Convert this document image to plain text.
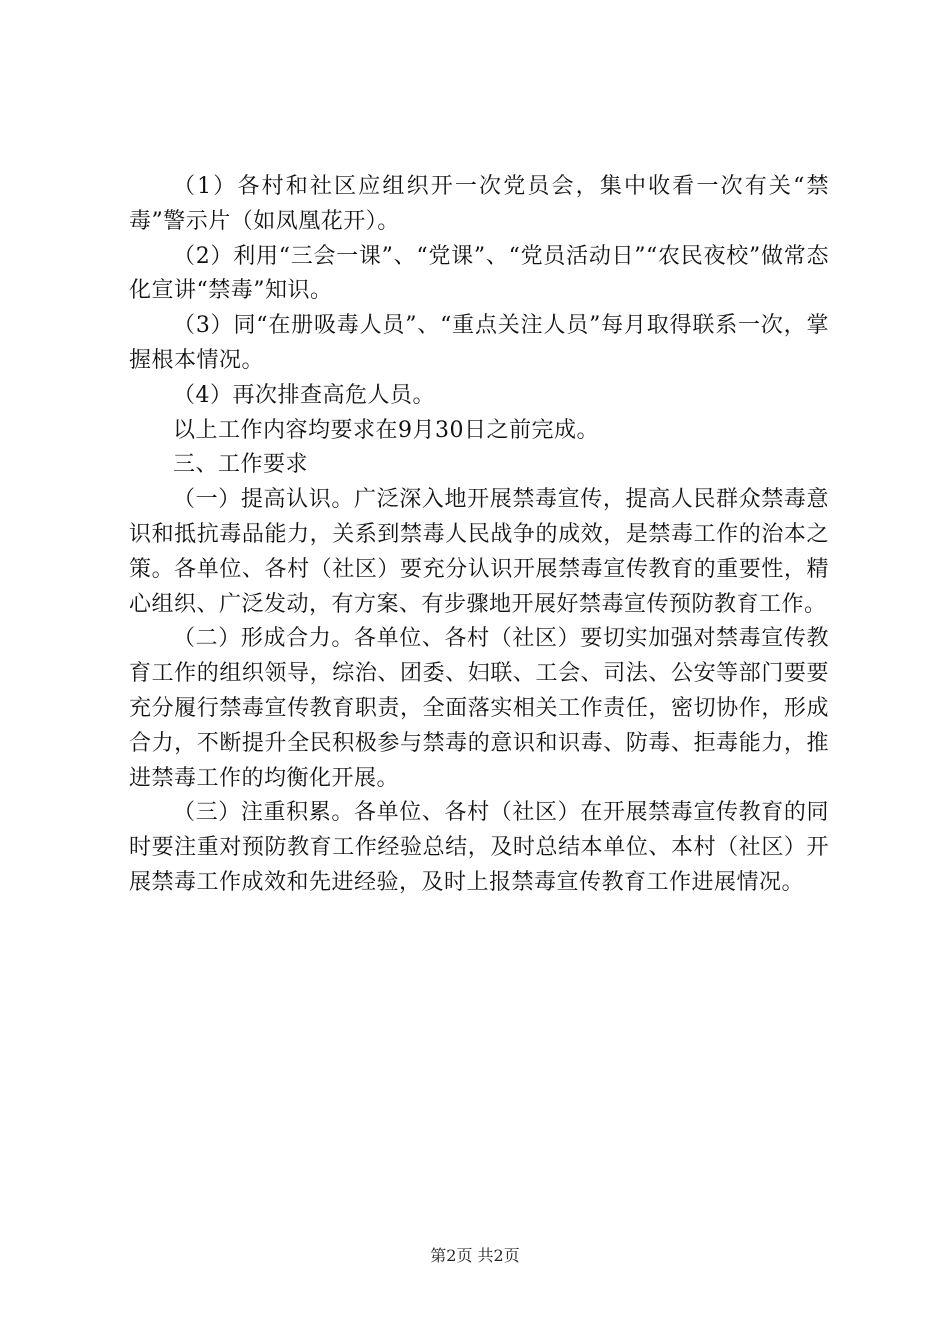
（1）各村和社区应组织开一次党员会，集中收看一次有关“禁毒”警示片（如凤凰花开）。

（2）利用“三会一课”、“党课”、“党员活动日”“农民夜校”做常态化宣讲“禁毒”知识。

（3）同“在册吸毒人员”、“重点关注人员”每月取得联系一次，掌握根本情况。

（4）再次排查高危人员。

以上工作内容均要求在9月30日之前完成。

三、工作要求

（一）提高认识。广泛深入地开展禁毒宣传，提高人民群众禁毒意识和抵抗毒品能力，关系到禁毒人民战争的成效，是禁毒工作的治本之策。各单位、各村（社区）要充分认识开展禁毒宣传教育的重要性，精心组织、广泛发动，有方案、有步骤地开展好禁毒宣传预防教育工作。

（二）形成合力。各单位、各村（社区）要切实加强对禁毒宣传教育工作的组织领导，综治、团委、妇联、工会、司法、公安等部门要要充分履行禁毒宣传教育职责，全面落实相关工作责任，密切协作，形成合力，不断提升全民积极参与禁毒的意识和识毒、防毒、拒毒能力，推进禁毒工作的均衡化开展。

（三）注重积累。各单位、各村（社区）在开展禁毒宣传教育的同时要注重对预防教育工作经验总结，及时总结本单位、本村（社区）开展禁毒工作成效和先进经验，及时上报禁毒宣传教育工作进展情况。

第2页 共2页
